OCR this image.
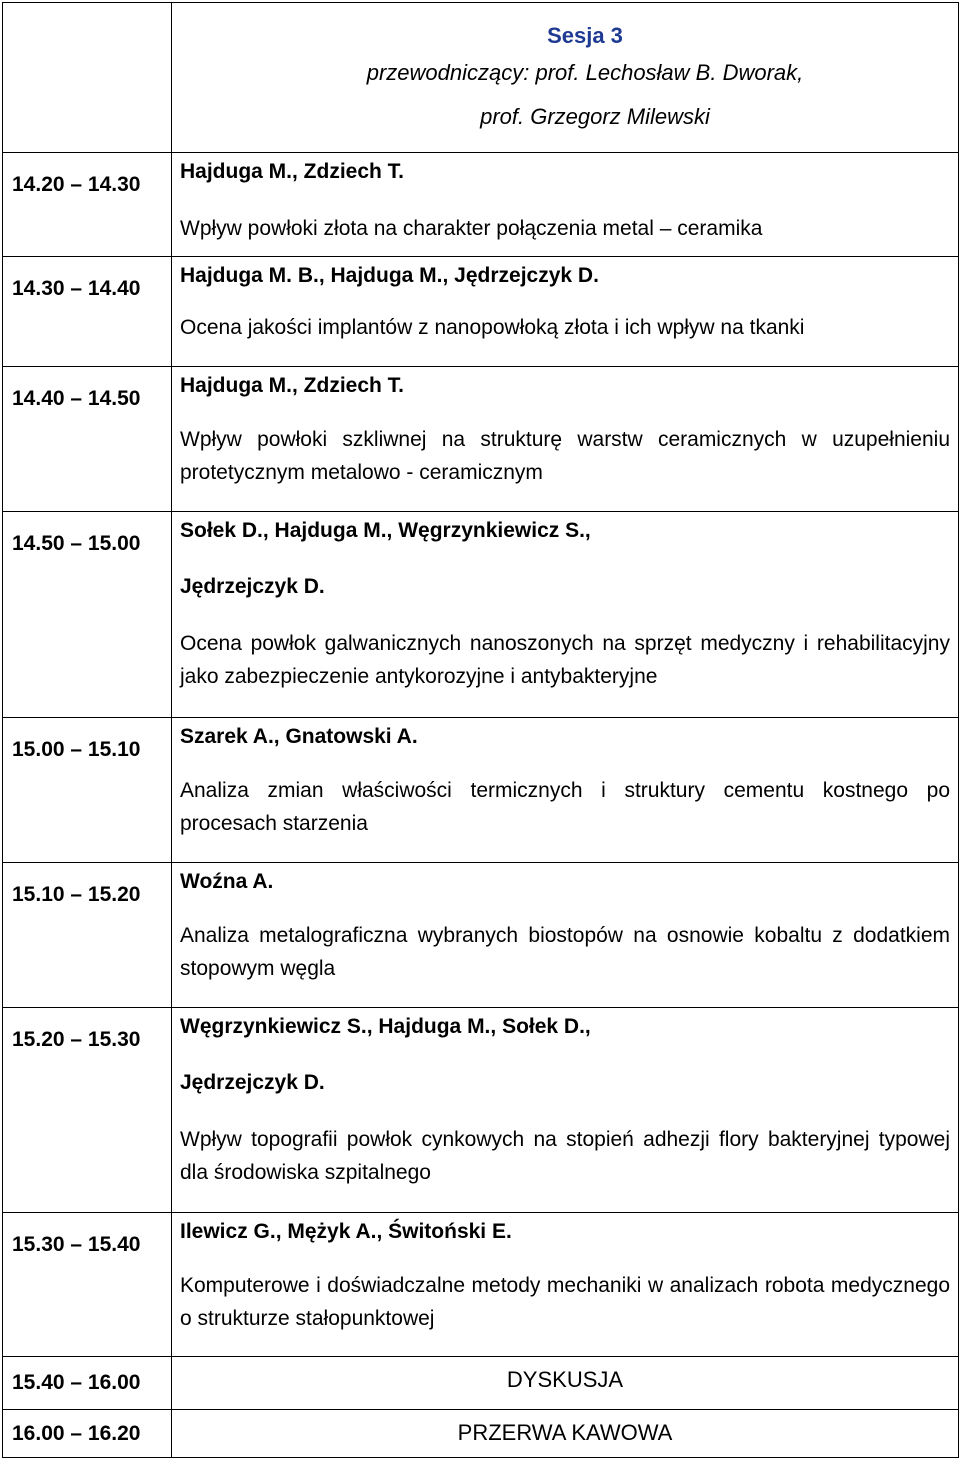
	Sesja 3
przewodniczący: prof. Lechosław B. Dworak,
prof. Grzegorz Milewski

14.20 – 14.30	Hajduga M., Zdziech T.
Wpływ powłoki złota na charakter połączenia metal – ceramika

14.30 – 14.40	Hajduga M. B., Hajduga M., Jędrzejczyk D.
Ocena jakości implantów z nanopowłoką złota i ich wpływ na tkanki

14.40 – 14.50	Hajduga M., Zdziech T.
Wpływ powłoki szkliwnej na strukturę warstw ceramicznych w uzupełnieniu protetycznym metalowo - ceramicznym

14.50 – 15.00	Sołek D., Hajduga M., Węgrzynkiewicz S.,
Jędrzejczyk D.
Ocena powłok galwanicznych nanoszonych na sprzęt medyczny i rehabilitacyjny jako zabezpieczenie antykorozyjne i antybakteryjne

15.00 – 15.10	Szarek A., Gnatowski A.
Analiza zmian właściwości termicznych i struktury cementu kostnego po procesach starzenia

15.10 – 15.20	Woźna A.
Analiza metalograficzna wybranych biostopów na osnowie kobaltu z dodatkiem stopowym węgla

15.20 – 15.30	Węgrzynkiewicz S., Hajduga M., Sołek D.,
Jędrzejczyk D.
Wpływ topografii powłok cynkowych na stopień adhezji flory bakteryjnej typowej dla środowiska szpitalnego

15.30 – 15.40	Ilewicz G., Mężyk A., Świtoński E.
Komputerowe i doświadczalne metody mechaniki w analizach robota medycznego o strukturze stałopunktowej

15.40 – 16.00	DYSKUSJA
16.00 – 16.20	PRZERWA KAWOWA
